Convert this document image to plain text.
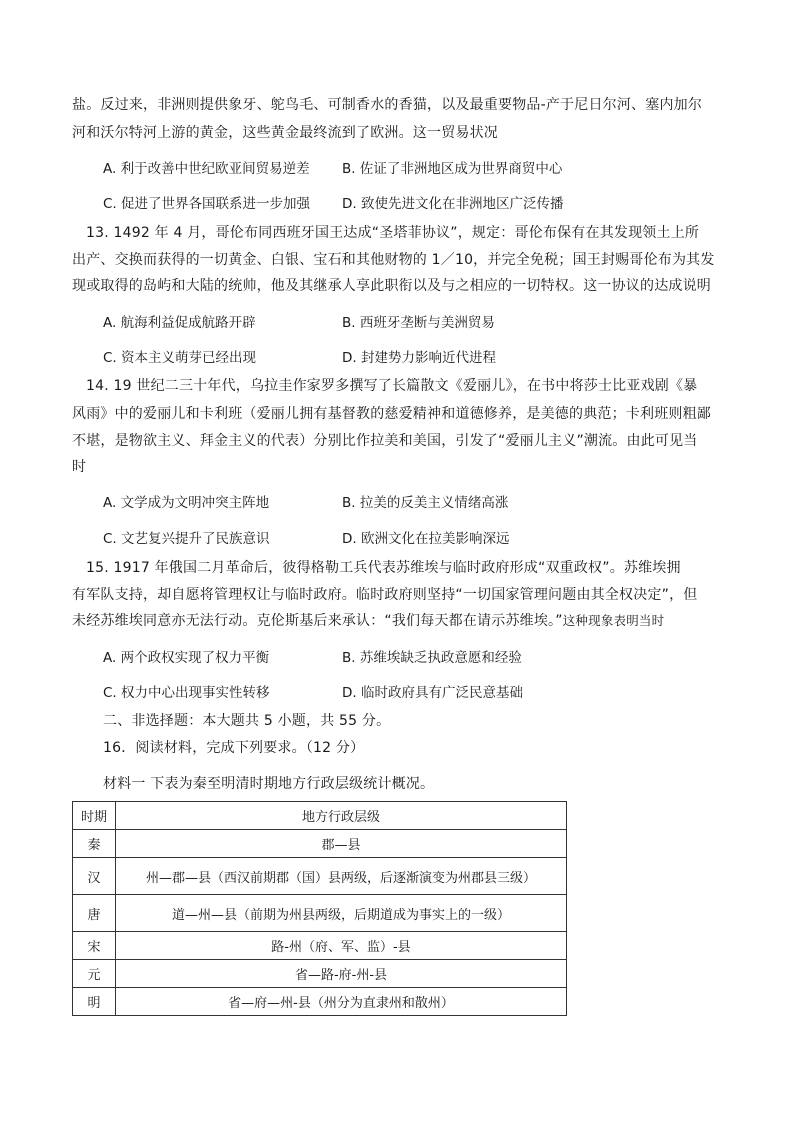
盐。反过来，非洲则提供象牙、鸵鸟毛、可制香水的香猫，以及最重要物品-产于尼日尔河、塞内加尔
河和沃尔特河上游的黄金，这些黄金最终流到了欧洲。这一贸易状况
A. 利于改善中世纪欧亚间贸易逆差 B. 佐证了非洲地区成为世界商贸中心
C. 促进了世界各国联系进一步加强 D. 致使先进文化在非洲地区广泛传播
13. 1492 年 4 月，哥伦布同西班牙国王达成“圣塔菲协议”，规定：哥伦布保有在其发现领土上所
出产、交换而获得的一切黄金、白银、宝石和其他财物的 1／10，并完全免税；国王封赐哥伦布为其发
现或取得的岛屿和大陆的统帅，他及其继承人享此职衔以及与之相应的一切特权。这一协议的达成说明
A. 航海利益促成航路开辟	B. 西班牙垄断与美洲贸易
C. 资本主义萌芽已经出现	D. 封建势力影响近代进程
14. 19 世纪二三十年代，乌拉圭作家罗多撰写了长篇散文《爱丽儿》，在书中将莎士比亚戏剧《暴
风雨》中的爱丽儿和卡利班（爱丽儿拥有基督教的慈爱精神和道德修养，是美德的典范；卡利班则粗鄙
不堪，是物欲主义、拜金主义的代表）分别比作拉美和美国，引发了“爱丽儿主义”潮流。由此可见当
时
A. 文学成为文明冲突主阵地	B. 拉美的反美主义情绪高涨
C. 文艺复兴提升了民族意识	D. 欧洲文化在拉美影响深远
15. 1917 年俄国二月革命后，彼得格勒工兵代表苏维埃与临时政府形成“双重政权”。苏维埃拥
有军队支持，却自愿将管理权让与临时政府。临时政府则坚持“一切国家管理问题由其全权决定”，但
未经苏维埃同意亦无法行动。克伦斯基后来承认：“我们每天都在请示苏维埃。”这种现象表明当时
A. 两个政权实现了权力平衡	B. 苏维埃缺乏执政意愿和经验
C. 权力中心出现事实性转移	D. 临时政府具有广泛民意基础
二、非选择题：本大题共 5 小题，共 55 分。
16．阅读材料，完成下列要求。（12 分）
材料一 下表为秦至明清时期地方行政层级统计概况。
时期	地方行政层级
秦	郡—县
汉	州—郡—县（西汉前期郡（国）县两级，后逐渐演变为州郡县三级）
唐	道—州—县（前期为州县两级，后期道成为事实上的一级）
宋	路-州（府、军、监）-县
元	省—路-府-州-县
明	省—府—州-县（州分为直隶州和散州）
